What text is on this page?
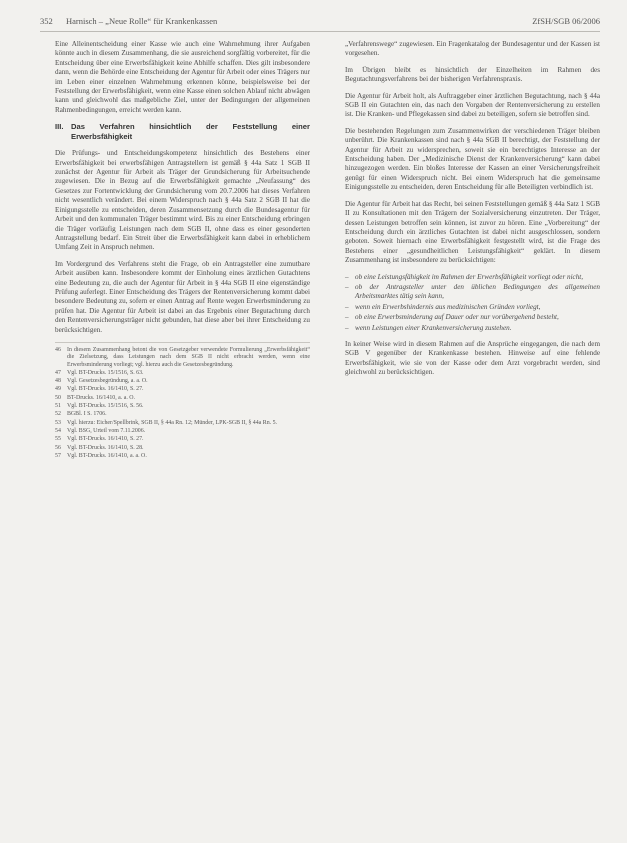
352 Harnisch – „Neue Rolle“ für Krankenkassen	ZfSH/SGB 06/2006

Eine Alleinentscheidung einer Kasse wie auch eine Wahrnehmung ihrer Aufgaben könnte auch in diesem Zusammenhang, die sie ausreichend sorgfältig vorbereitet, für die Entscheidung über eine Erwerbsfähigkeit keine Abhilfe schaffen. Dies gilt insbesondere dann, wenn die Behörde eine Entscheidung der Agentur für Arbeit oder eines Trägers nur im Leben einer einzelnen Wahrnehmung erkennen könne, beispielsweise bei der Feststellung der Erwerbsfähigkeit, wenn eine Kasse einen solchen Ablauf nicht abwägen kann und gleichwohl das maßgebliche Ziel, unter der Bedingungen der allgemeinen Rahmenbedingungen, erreicht werden kann.

III. Das Verfahren hinsichtlich der Feststellung einer Erwerbsfähigkeit

Die Prüfungs- und Entscheidungskompetenz hinsichtlich des Bestehens einer Erwerbsfähigkeit bei erwerbsfähigen Antragstellern ist gemäß § 44a Satz 1 SGB II zunächst der Agentur für Arbeit als Träger der Grundsicherung für Arbeitsuchende zugewiesen. Die in Bezug auf die Erwerbsfähigkeit gemachte „Neufassung“ des Gesetzes zur Fortentwicklung der Grundsicherung vom 20.7.2006 hat dieses Verfahren nicht wesentlich verändert. Bei einem Widerspruch nach § 44a Satz 2 SGB II hat die Einigungsstelle zu entscheiden, deren Zusammensetzung durch die Bundesagentur für Arbeit und den kommunalen Träger bestimmt wird. Bis zu einer Entscheidung erbringen die Träger vorläufig Leistungen nach dem SGB II, ohne dass es einer gesonderten Antragstellung bedarf. Ein Streit über die Erwerbsfähigkeit kann dabei in erheblichem Umfang Zeit in Anspruch nehmen.

Im Vordergrund des Verfahrens steht die Frage, ob ein Antragsteller eine zumutbare Arbeit ausüben kann. Insbesondere kommt der Einholung eines ärztlichen Gutachtens eine Bedeutung zu, die auch der Agentur für Arbeit in § 44a SGB II eine eigenständige Prüfung auferlegt. Einer Entscheidung des Trägers der Rentenversicherung kommt dabei besondere Bedeutung zu, sofern er einen Antrag auf Rente wegen Erwerbsminderung zu prüfen hat. Die Agentur für Arbeit ist dabei an das Ergebnis einer Begutachtung durch den Rentenversicherungsträger nicht gebunden, hat diese aber bei ihrer Entscheidung zu berücksichtigen.

46	In diesem Zusammenhang betont die von Gesetzgeber verwendete Formulierung „Erwerbsfähigkeit“ die Zielsetzung, dass Leistungen nach dem SGB II nicht erbracht werden, wenn eine Erwerbsminderung vorliegt; vgl. hierzu auch die Gesetzesbegründung.
47	Vgl. BT-Drucks. 15/1516, S. 63.
48	Vgl. Gesetzesbegründung, a. a. O.
49	Vgl. BT-Drucks. 16/1410, S. 27.
50	BT-Drucks. 16/1410, a. a. O.
51	Vgl. BT-Drucks. 15/1516, S. 56.
52	BGBl. I S. 1706.
53	Vgl. hierzu: Eicher/Spellbrink, SGB II, § 44a Rn. 12; Münder, LPK-SGB II, § 44a Rn. 5.
54	Vgl. BSG, Urteil vom 7.11.2006.
55	Vgl. BT-Drucks. 16/1410, S. 27.
56	Vgl. BT-Drucks. 16/1410, S. 28.
57	Vgl. BT-Drucks. 16/1410, a. a. O.

„Verfahrenswege“ zugewiesen. Ein Fragenkatalog der Bundesagentur und der Kassen ist vorgesehen.

Im Übrigen bleibt es hinsichtlich der Einzelheiten im Rahmen des Begutachtungsverfahrens bei der bisherigen Verfahrenspraxis.

Die Agentur für Arbeit holt, als Auftraggeber einer ärztlichen Begutachtung, nach § 44a SGB II ein Gutachten ein, das nach den Vorgaben der Rentenversicherung zu erstellen ist. Die Kranken- und Pflegekassen sind dabei zu beteiligen, sofern sie betroffen sind.

Die bestehenden Regelungen zum Zusammenwirken der verschiedenen Träger bleiben unberührt. Die Krankenkassen sind nach § 44a SGB II berechtigt, der Feststellung der Agentur für Arbeit zu widersprechen, soweit sie ein berechtigtes Interesse an der Entscheidung haben. Der „Medizinische Dienst der Krankenversicherung“ kann dabei hinzugezogen werden. Ein bloßes Interesse der Kassen an einer Versicherungsfreiheit genügt für einen Widerspruch nicht. Bei einem Widerspruch hat die gemeinsame Einigungsstelle zu entscheiden, deren Entscheidung für alle Beteiligten verbindlich ist.

Die Agentur für Arbeit hat das Recht, bei seinen Feststellungen gemäß § 44a Satz 1 SGB II zu Konsultationen mit den Trägern der Sozialversicherung einzutreten. Der Träger, dessen Leistungen betroffen sein können, ist zuvor zu hören. Eine „Vorbereitung“ der Entscheidung durch ein ärztliches Gutachten ist dabei nicht ausgeschlossen, sondern geboten. Soweit hiernach eine Erwerbsfähigkeit festgestellt wird, ist die Frage des Bestehens einer „gesundheitlichen Leistungsfähigkeit“ geklärt. In diesem Zusammenhang ist insbesondere zu berücksichtigen:

– ob eine Leistungsfähigkeit im Rahmen der Erwerbsfähigkeit vorliegt oder nicht,
– ob der Antragsteller unter den üblichen Bedingungen des allgemeinen Arbeitsmarktes tätig sein kann,
– wenn ein Erwerbshindernis aus medizinischen Gründen vorliegt,
– ob eine Erwerbsminderung auf Dauer oder nur vorübergehend besteht,
– wenn Leistungen einer Krankenversicherung zustehen.

In keiner Weise wird in diesem Rahmen auf die Ansprüche eingegangen, die nach dem SGB V gegenüber der Krankenkasse bestehen. Hinweise auf eine fehlende Erwerbsfähigkeit, wie sie von der Kasse oder dem Arzt vorgebracht werden, sind gleichwohl zu berücksichtigen.
